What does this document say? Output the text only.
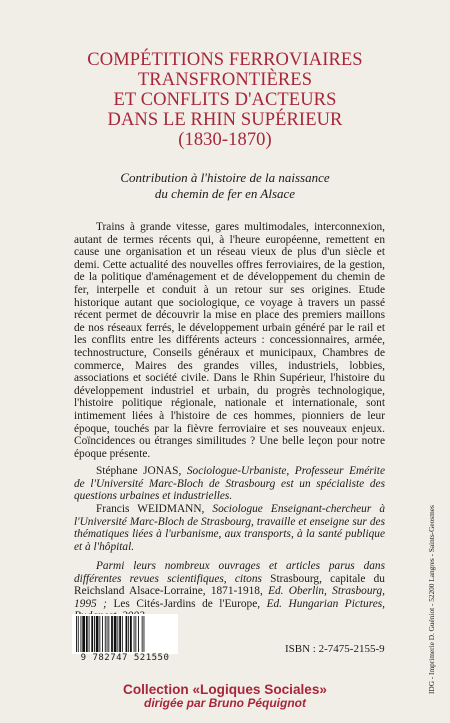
COMPÉTITIONS FERROVIAIRES
TRANSFRONTIÈRES
ET CONFLITS D'ACTEURS
DANS LE RHIN SUPÉRIEUR
(1830-1870)
Contribution à l'histoire de la naissance
du chemin de fer en Alsace

Trains à grande vitesse, gares multimodales, interconnexion, autant de termes récents qui, à l'heure européenne, remettent en cause une organisation et un réseau vieux de plus d'un siècle et demi. Cette actualité des nouvelles offres ferroviaires, de la gestion, de la politique d'aménagement et de développement du chemin de fer, interpelle et conduit à un retour sur ses origines. Etude historique autant que sociologique, ce voyage à travers un passé récent permet de découvrir la mise en place des premiers maillons de nos réseaux ferrés, le développement urbain généré par le rail et les conflits entre les différents acteurs : concessionnaires, armée, technostructure, Conseils généraux et municipaux, Chambres de commerce, Maires des grandes villes, industriels, lobbies, associations et société civile. Dans le Rhin Supérieur, l'histoire du développement industriel et urbain, du progrès technologique, l'histoire politique régionale, nationale et internationale, sont intimement liées à l'histoire de ces hommes, pionniers de leur époque, touchés par la fièvre ferroviaire et ses nouveaux enjeux. Coïncidences ou étranges similitudes ? Une belle leçon pour notre époque présente.

Stéphane JONAS, Sociologue-Urbaniste, Professeur Emérite de l'Université Marc-Bloch de Strasbourg est un spécialiste des questions urbaines et industrielles.

Francis WEIDMANN, Sociologue Enseignant-chercheur à l'Université Marc-Bloch de Strasbourg, travaille et enseigne sur des thématiques liées à l'urbanisme, aux transports, à la santé publique et à l'hôpital.

Parmi leurs nombreux ouvrages et articles parus dans différentes revues scientifiques, citons Strasbourg, capitale du Reichsland Alsace-Lorraine, 1871-1918, Ed. Oberlin, Strasbourg, 1995 ; Les Cités-Jardins de l'Europe, Ed. Hungarian Pictures,

9 782747 521550
ISBN : 2-7475-2155-9
Collection «Logiques Sociales»
dirigée par Bruno Péquignot
IDG - Imprimerie D. Guéniot - 52200 Langres - Saints-Geosmes
